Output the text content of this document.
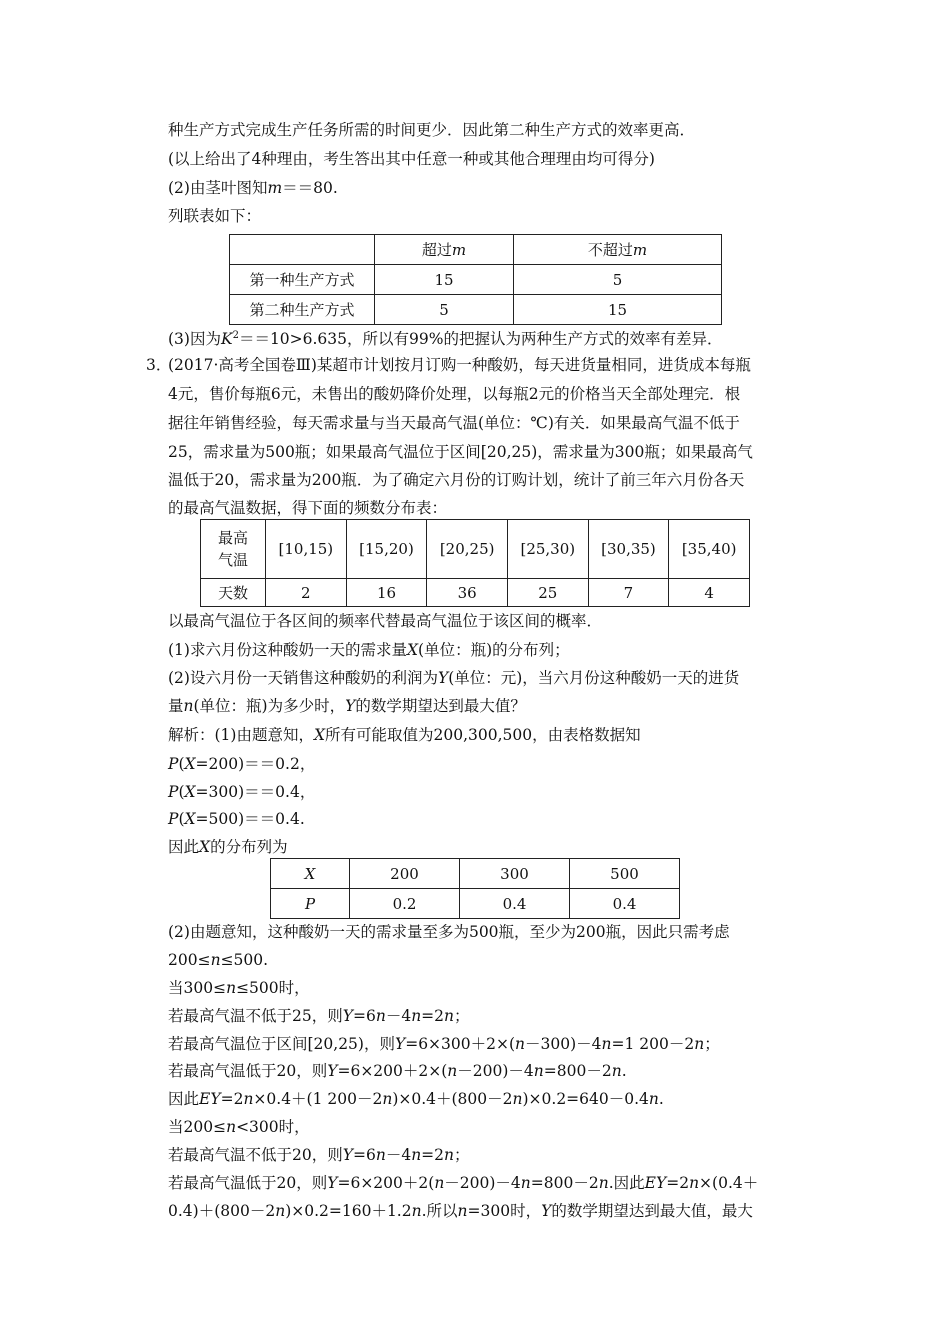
种生产方式完成生产任务所需的时间更少．因此第二种生产方式的效率更高．
(以上给出了4种理由，考生答出其中任意一种或其他合理理由均可得分)
(2)由茎叶图知m＝＝80.
列联表如下：
	超过m	不超过m
第一种生产方式	15	5
第二种生产方式	5	15
(3)因为$K^2==10>6.635$，所以有99%的把握认为两种生产方式的效率有差异．
3．
(2017·高考全国卷Ⅲ)某超市计划按月订购一种酸奶，每天进货量相同，进货成本每瓶
4元，售价每瓶6元，未售出的酸奶降价处理，以每瓶2元的价格当天全部处理完．根
据往年销售经验，每天需求量与当天最高气温(单位：℃)有关．如果最高气温不低于
25，需求量为500瓶；如果最高气温位于区间[20,25)，需求量为300瓶；如果最高气
温低于20，需求量为200瓶．为了确定六月份的订购计划，统计了前三年六月份各天
的最高气温数据，得下面的频数分布表：
最高
气温	[10,15)	[15,20)	[20,25)	[25,30)	[30,35)	[35,40)
天数	2	16	36	25	7	4
以最高气温位于各区间的频率代替最高气温位于该区间的概率．
(1)求六月份这种酸奶一天的需求量X(单位：瓶)的分布列；
(2)设六月份一天销售这种酸奶的利润为Y(单位：元)，当六月份这种酸奶一天的进货
量n(单位：瓶)为多少时，Y的数学期望达到最大值？
解析：(1)由题意知，X所有可能取值为200,300,500，由表格数据知
P(X=200)＝＝0.2，
P(X=300)＝＝0.4，
P(X=500)＝＝0.4.
因此X的分布列为
X	200	300	500
P	0.2	0.4	0.4
(2)由题意知，这种酸奶一天的需求量至多为500瓶，至少为200瓶，因此只需考虑
200≤n≤500.
当300≤n≤500时，
若最高气温不低于25，则Y=6n－4n=2n；
若最高气温位于区间[20,25)，则Y=6×300＋2×(n－300)－4n=1 200－2n；
若最高气温低于20，则Y=6×200＋2×(n－200)－4n=800－2n.
因此EY=2n×0.4＋(1 200－2n)×0.4＋(800－2n)×0.2=640－0.4n.
当200≤n<300时，
若最高气温不低于20，则Y=6n－4n=2n；
若最高气温低于20，则Y=6×200＋2(n－200)－4n=800－2n.因此EY=2n×(0.4＋
0.4)＋(800－2n)×0.2=160＋1.2n.所以n=300时，Y的数学期望达到最大值，最大
